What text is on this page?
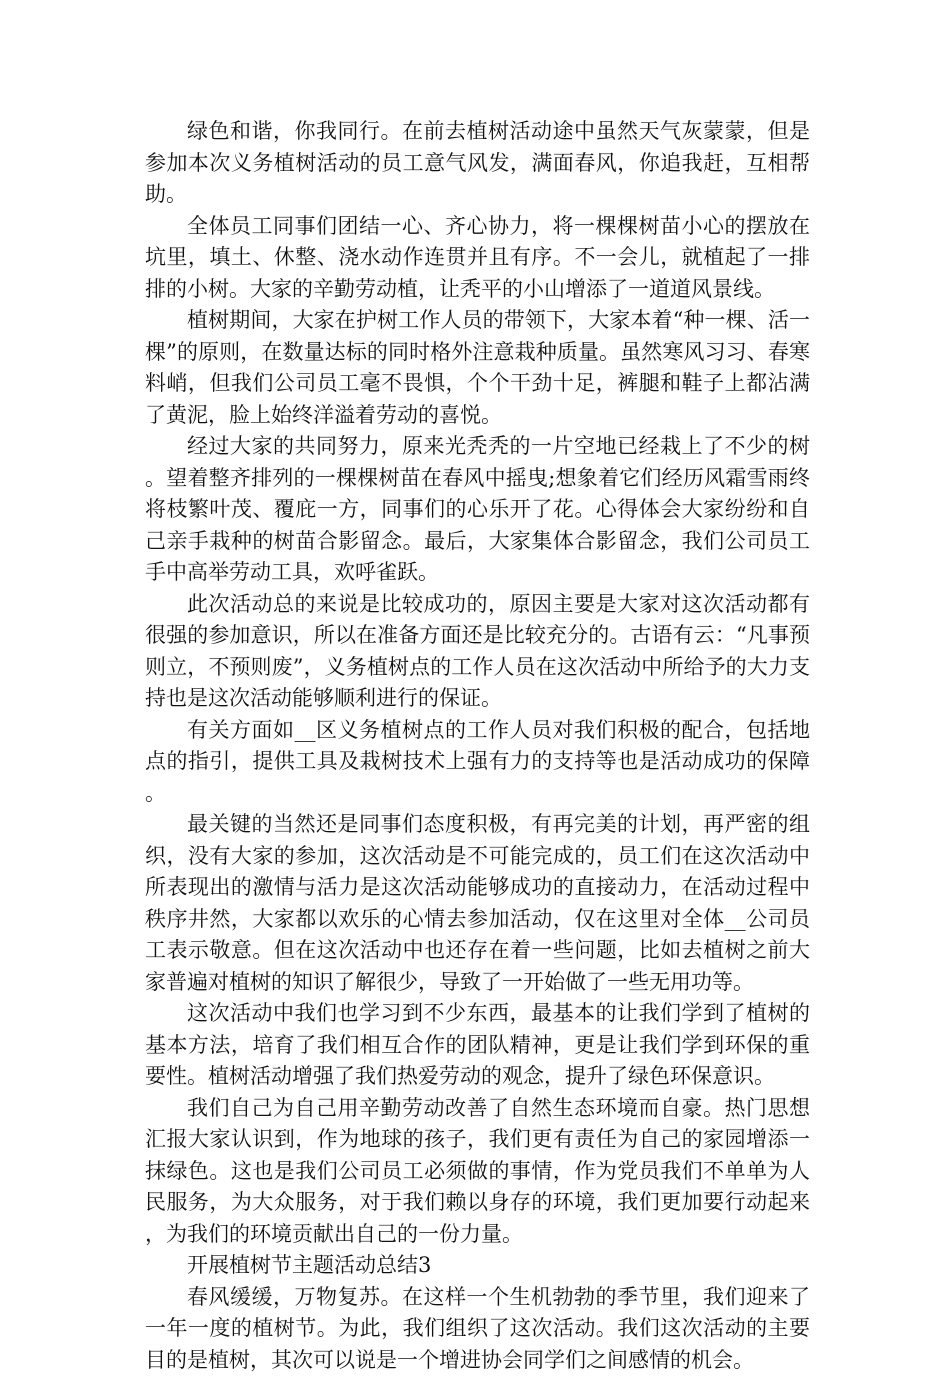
绿色和谐，你我同行。在前去植树活动途中虽然天气灰蒙蒙，但是参加本次义务植树活动的员工意气风发，满面春风，你追我赶，互相帮助。

全体员工同事们团结一心、齐心协力，将一棵棵树苗小心的摆放在坑里，填土、休整、浇水动作连贯并且有序。不一会儿，就植起了一排排的小树。大家的辛勤劳动植，让秃平的小山增添了一道道风景线。

植树期间，大家在护树工作人员的带领下，大家本着“种一棵、活一棵”的原则，在数量达标的同时格外注意栽种质量。虽然寒风习习、春寒料峭，但我们公司员工毫不畏惧，个个干劲十足，裤腿和鞋子上都沾满了黄泥，脸上始终洋溢着劳动的喜悦。

经过大家的共同努力，原来光秃秃的一片空地已经栽上了不少的树。望着整齐排列的一棵棵树苗在春风中摇曳;想象着它们经历风霜雪雨终将枝繁叶茂、覆庇一方，同事们的心乐开了花。心得体会大家纷纷和自己亲手栽种的树苗合影留念。最后，大家集体合影留念，我们公司员工手中高举劳动工具，欢呼雀跃。

此次活动总的来说是比较成功的，原因主要是大家对这次活动都有很强的参加意识，所以在准备方面还是比较充分的。古语有云：“凡事预则立，不预则废”，义务植树点的工作人员在这次活动中所给予的大力支持也是这次活动能够顺利进行的保证。

有关方面如__区义务植树点的工作人员对我们积极的配合，包括地点的指引，提供工具及栽树技术上强有力的支持等也是活动成功的保障。

最关键的当然还是同事们态度积极，有再完美的计划，再严密的组织，没有大家的参加，这次活动是不可能完成的，员工们在这次活动中所表现出的激情与活力是这次活动能够成功的直接动力，在活动过程中秩序井然，大家都以欢乐的心情去参加活动，仅在这里对全体__公司员工表示敬意。但在这次活动中也还存在着一些问题，比如去植树之前大家普遍对植树的知识了解很少，导致了一开始做了一些无用功等。

这次活动中我们也学习到不少东西，最基本的让我们学到了植树的基本方法，培育了我们相互合作的团队精神，更是让我们学到环保的重要性。植树活动增强了我们热爱劳动的观念，提升了绿色环保意识。

我们自己为自己用辛勤劳动改善了自然生态环境而自豪。热门思想汇报大家认识到，作为地球的孩子，我们更有责任为自己的家园增添一抹绿色。这也是我们公司员工必须做的事情，作为党员我们不单单为人民服务，为大众服务，对于我们赖以身存的环境，我们更加要行动起来，为我们的环境贡献出自己的一份力量。

开展植树节主题活动总结3

春风缓缓，万物复苏。在这样一个生机勃勃的季节里，我们迎来了一年一度的植树节。为此，我们组织了这次活动。我们这次活动的主要目的是植树，其次可以说是一个增进协会同学们之间感情的机会。
